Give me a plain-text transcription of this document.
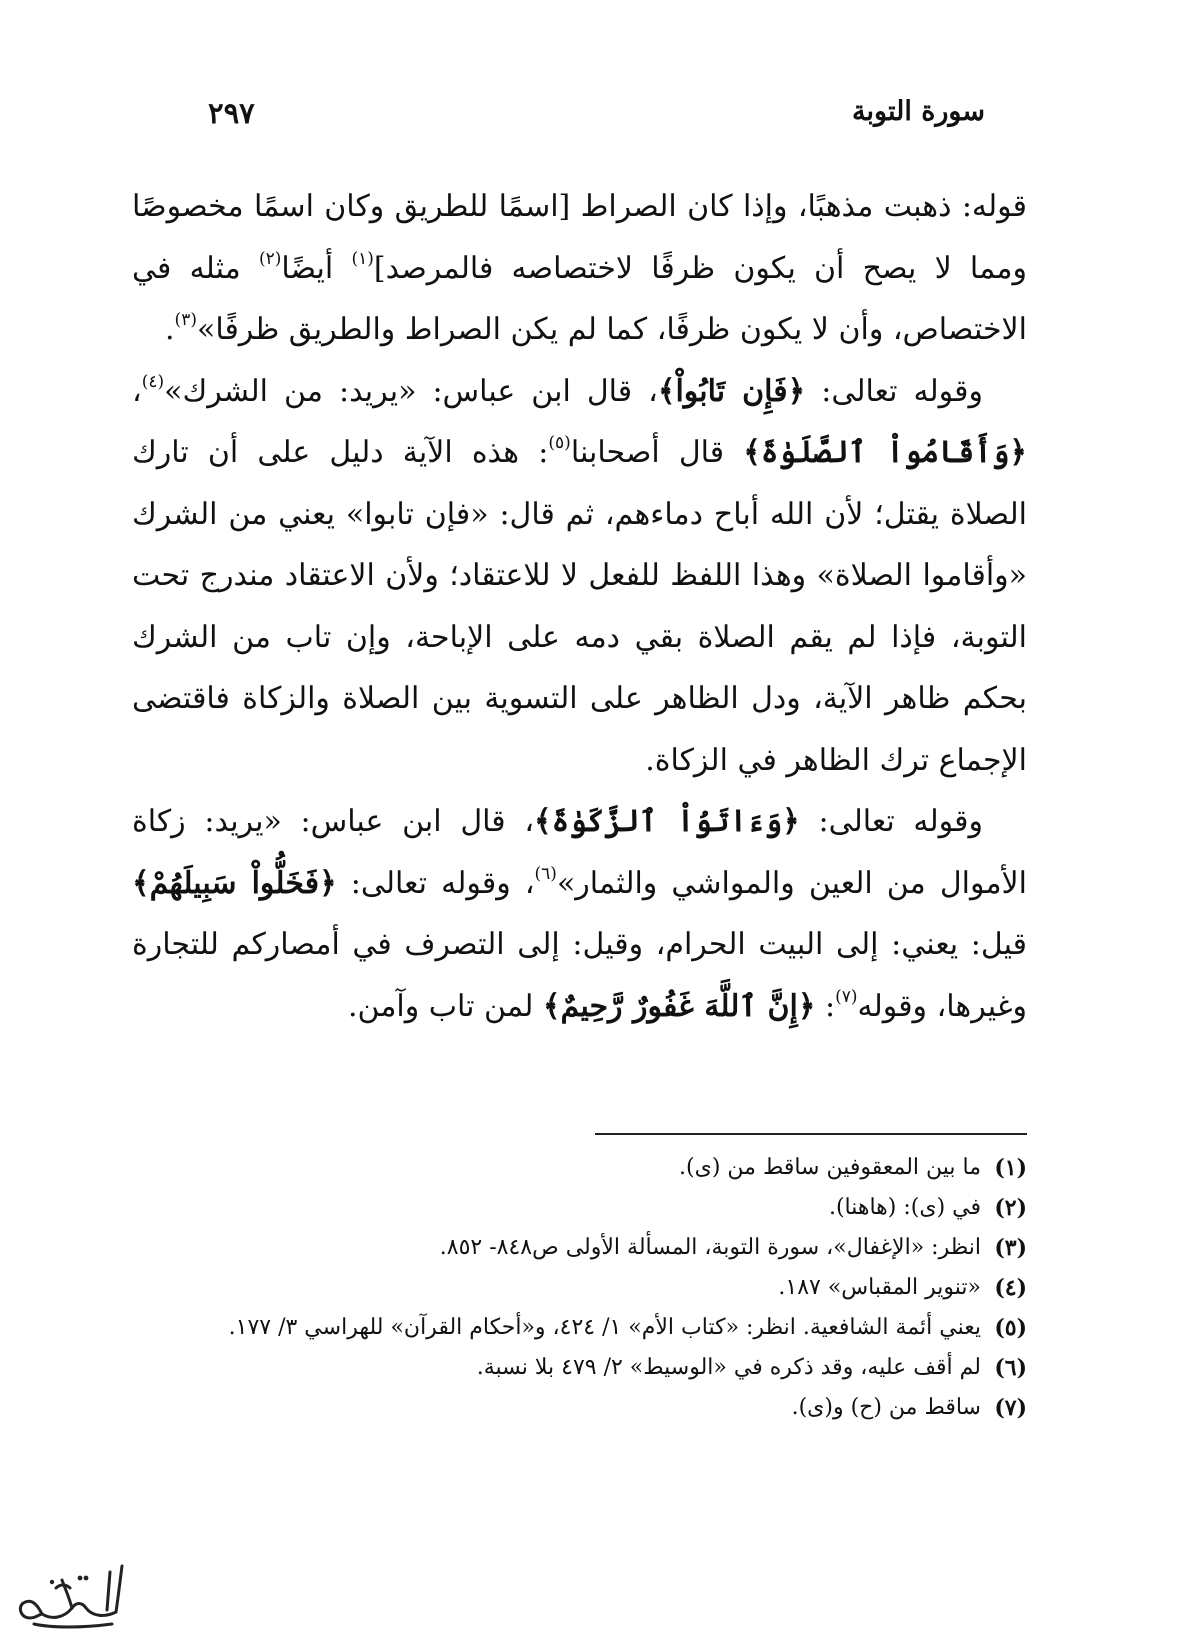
سورة التوبة
٢٩٧

قوله: ذهبت مذهبًا، وإذا كان الصراط [اسمًا للطريق وكان اسمًا مخصوصًا ومما لا يصح أن يكون ظرفًا لاختصاصه فالمرصد]$^{(١)}$ أيضًا$^{(٢)}$ مثله في الاختصاص، وأن لا يكون ظرفًا، كما لم يكن الصراط والطريق ظرفًا»$^{(٣)}$.

وقوله تعالى: ﴿فَإِن تَابُواْ﴾، قال ابن عباس: «يريد: من الشرك»$^{(٤)}$، ﴿وَأَقَامُواْ ٱلصَّلَوٰةَ﴾ قال أصحابنا$^{(٥)}$: هذه الآية دليل على أن تارك الصلاة يقتل؛ لأن الله أباح دماءهم، ثم قال: «فإن تابوا» يعني من الشرك «وأقاموا الصلاة» وهذا اللفظ للفعل لا للاعتقاد؛ ولأن الاعتقاد مندرج تحت التوبة، فإذا لم يقم الصلاة بقي دمه على الإباحة، وإن تاب من الشرك بحكم ظاهر الآية، ودل الظاهر على التسوية بين الصلاة والزكاة فاقتضى الإجماع ترك الظاهر في الزكاة.

وقوله تعالى: ﴿وَءَاتَوُاْ ٱلزَّكَوٰةَ﴾، قال ابن عباس: «يريد: زكاة الأموال من العين والمواشي والثمار»$^{(٦)}$، وقوله تعالى: ﴿فَخَلُّواْ سَبِيلَهُمْ﴾ قيل: يعني: إلى البيت الحرام، وقيل: إلى التصرف في أمصاركم للتجارة وغيرها، وقوله$^{(٧)}$: ﴿إِنَّ ٱللَّهَ غَفُورٌ رَّحِيمٌ﴾ لمن تاب وآمن.

(١)
ما بين المعقوفين ساقط من (ى).
(٢)
في (ى): (هاهنا).
(٣)
انظر: «الإغفال»، سورة التوبة، المسألة الأولى ص٨٤٨- ٨٥٢.
(٤)
«تنوير المقباس» ١٨٧.
(٥)
يعني أئمة الشافعية. انظر: «كتاب الأم» ١/ ٤٢٤، و«أحكام القرآن» للهراسي ٣/ ١٧٧.
(٦)
لم أقف عليه، وقد ذكره في «الوسيط» ٢/ ٤٧٩ بلا نسبة.
(٧)
ساقط من (ح) و(ى).
